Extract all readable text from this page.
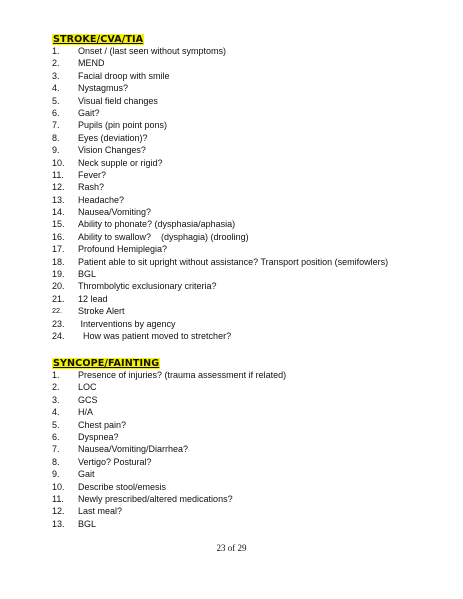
STROKE/CVA/TIA
1.	Onset / (last seen without symptoms)
2.	MEND
3.	Facial droop with smile
4.	Nystagmus?
5.	Visual field changes
6.	Gait?
7.	Pupils (pin point pons)
8.	Eyes (deviation)?
9.	Vision Changes?
10.	Neck supple or rigid?
11.	Fever?
12.	Rash?
13.	Headache?
14.	Nausea/Vomiting?
15.	Ability to phonate? (dysphasia/aphasia)
16.	Ability to swallow?    (dysphagia) (drooling)
17.	Profound Hemiplegia?
18.	Patient able to sit upright without assistance? Transport position (semifowlers)
19.	BGL
20.	Thrombolytic exclusionary criteria?
21.	12 lead
22.	Stroke Alert
23.	Interventions by agency
24.	How was patient moved to stretcher?
SYNCOPE/FAINTING
1.	Presence of injuries? (trauma assessment if related)
2.	LOC
3.	GCS
4.	H/A
5.	Chest pain?
6.	Dyspnea?
7.	Nausea/Vomiting/Diarrhea?
8.	Vertigo? Postural?
9.	Gait
10.	Describe stool/emesis
11.	Newly prescribed/altered medications?
12.	Last meal?
13.	BGL
23 of 29
